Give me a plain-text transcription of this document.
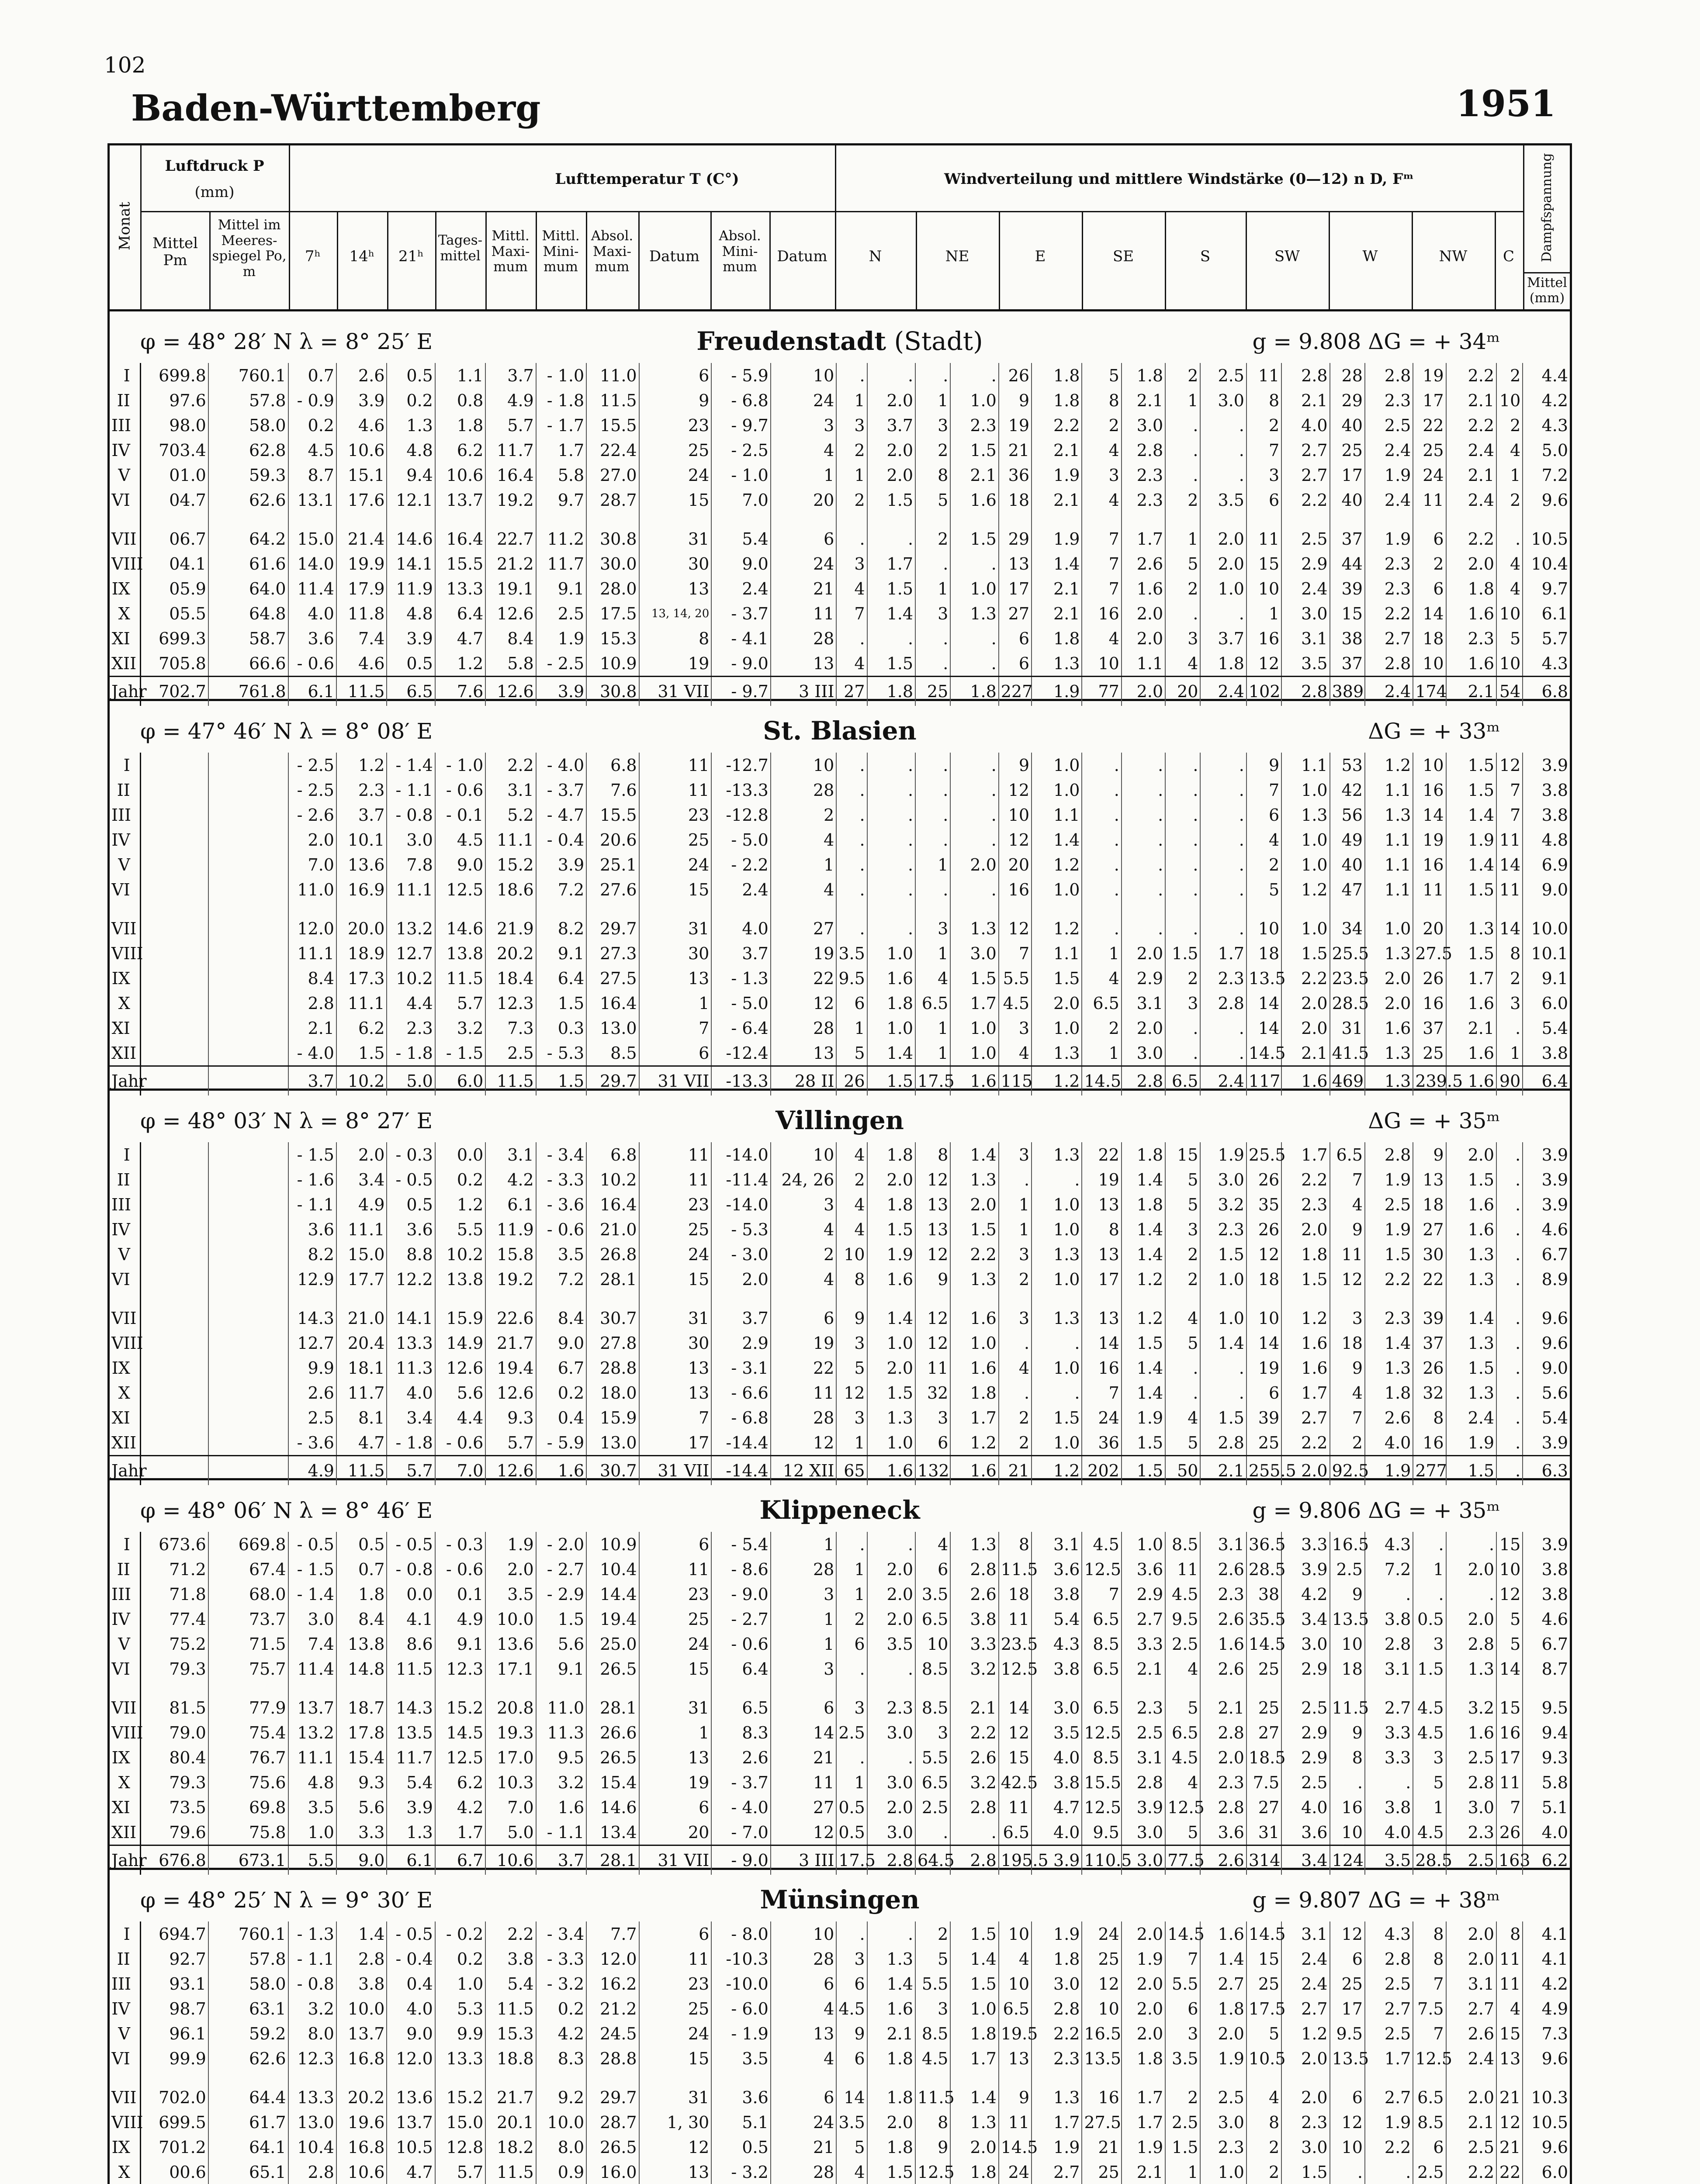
102
Baden-Württemberg	1951
Monat
Luftdruck P
(mm)
Mittel Pm
Mittel im Meeres-spiegel Po, m
Lufttemperatur T (C°)
7ʰ	14ʰ	21ʰ
Tages-mittel
Mittl. Maxi-mum
Mittl. Mini-mum
Absol. Maxi-mum
Datum
Absol. Mini-mum
Datum
Windverteilung und mittlere Windstärke (0—12) n D, Fᵐ
N	NE	E	SE	S	SW	W	NW	C	Dampfspannung
Mittel (mm)
φ = 48° 28′ N λ = 8° 25′ E	Freudenstadt (Stadt)	g = 9.808 ΔG = + 34ᵐ
I	699.8	760.1	0.7	2.6	0.5	1.1	3.7	- 1.0	11.0	6	- 5.9	10	.	.	.	.	26	1.8	5	1.8	2	2.5	11	2.8	28	2.8	19	2.2	2	4.4
II	97.6	57.8	- 0.9	3.9	0.2	0.8	4.9	- 1.8	11.5	9	- 6.8	24	1	2.0	1	1.0	9	1.8	8	2.1	1	3.0	8	2.1	29	2.3	17	2.1	10	4.2
III	98.0	58.0	0.2	4.6	1.3	1.8	5.7	- 1.7	15.5	23	- 9.7	3	3	3.7	3	2.3	19	2.2	2	3.0	.	.	2	4.0	40	2.5	22	2.2	2	4.3
IV	703.4	62.8	4.5	10.6	4.8	6.2	11.7	1.7	22.4	25	- 2.5	4	2	2.0	2	1.5	21	2.1	4	2.8	.	.	7	2.7	25	2.4	25	2.4	4	5.0
V	01.0	59.3	8.7	15.1	9.4	10.6	16.4	5.8	27.0	24	- 1.0	1	1	2.0	8	2.1	36	1.9	3	2.3	.	.	3	2.7	17	1.9	24	2.1	1	7.2
VI	04.7	62.6	13.1	17.6	12.1	13.7	19.2	9.7	28.7	15	7.0	20	2	1.5	5	1.6	18	2.1	4	2.3	2	3.5	6	2.2	40	2.4	11	2.4	2	9.6
VII	06.7	64.2	15.0	21.4	14.6	16.4	22.7	11.2	30.8	31	5.4	6	.	.	2	1.5	29	1.9	7	1.7	1	2.0	11	2.5	37	1.9	6	2.2	.	10.5
VIII	04.1	61.6	14.0	19.9	14.1	15.5	21.2	11.7	30.0	30	9.0	24	3	1.7	.	.	13	1.4	7	2.6	5	2.0	15	2.9	44	2.3	2	2.0	4	10.4
IX	05.9	64.0	11.4	17.9	11.9	13.3	19.1	9.1	28.0	13	2.4	21	4	1.5	1	1.0	17	2.1	7	1.6	2	1.0	10	2.4	39	2.3	6	1.8	4	9.7
X	05.5	64.8	4.0	11.8	4.8	6.4	12.6	2.5	17.5	13, 14, 20	- 3.7	11	7	1.4	3	1.3	27	2.1	16	2.0	.	.	1	3.0	15	2.2	14	1.6	10	6.1
XI	699.3	58.7	3.6	7.4	3.9	4.7	8.4	1.9	15.3	8	- 4.1	28	.	.	.	.	6	1.8	4	2.0	3	3.7	16	3.1	38	2.7	18	2.3	5	5.7
XII	705.8	66.6	- 0.6	4.6	0.5	1.2	5.8	- 2.5	10.9	19	- 9.0	13	4	1.5	.	.	6	1.3	10	1.1	4	1.8	12	3.5	37	2.8	10	1.6	10	4.3
Jahr	702.7	761.8	6.1	11.5	6.5	7.6	12.6	3.9	30.8	31 VII	- 9.7	3 III	27	1.8	25	1.8	227	1.9	77	2.0	20	2.4	102	2.8	389	2.4	174	2.1	54	6.8
φ = 47° 46′ N λ = 8° 08′ E	St. Blasien	ΔG = + 33ᵐ
I			- 2.5	1.2	- 1.4	- 1.0	2.2	- 4.0	6.8	11	-12.7	10	.	.	.	.	9	1.0	.	.	.	.	9	1.1	53	1.2	10	1.5	12	3.9
II			- 2.5	2.3	- 1.1	- 0.6	3.1	- 3.7	7.6	11	-13.3	28	.	.	.	.	12	1.0	.	.	.	.	7	1.0	42	1.1	16	1.5	7	3.8
III			- 2.6	3.7	- 0.8	- 0.1	5.2	- 4.7	15.5	23	-12.8	2	.	.	.	.	10	1.1	.	.	.	.	6	1.3	56	1.3	14	1.4	7	3.8
IV			2.0	10.1	3.0	4.5	11.1	- 0.4	20.6	25	- 5.0	4	.	.	.	.	12	1.4	.	.	.	.	4	1.0	49	1.1	19	1.9	11	4.8
V			7.0	13.6	7.8	9.0	15.2	3.9	25.1	24	- 2.2	1	.	.	1	2.0	20	1.2	.	.	.	.	2	1.0	40	1.1	16	1.4	14	6.9
VI			11.0	16.9	11.1	12.5	18.6	7.2	27.6	15	2.4	4	.	.	.	.	16	1.0	.	.	.	.	5	1.2	47	1.1	11	1.5	11	9.0
VII			12.0	20.0	13.2	14.6	21.9	8.2	29.7	31	4.0	27	.	.	3	1.3	12	1.2	.	.	.	.	10	1.0	34	1.0	20	1.3	14	10.0
VIII			11.1	18.9	12.7	13.8	20.2	9.1	27.3	30	3.7	19	3.5	1.0	1	3.0	7	1.1	1	2.0	1.5	1.7	18	1.5	25.5	1.3	27.5	1.5	8	10.1
IX			8.4	17.3	10.2	11.5	18.4	6.4	27.5	13	- 1.3	22	9.5	1.6	4	1.5	5.5	1.5	4	2.9	2	2.3	13.5	2.2	23.5	2.0	26	1.7	2	9.1
X			2.8	11.1	4.4	5.7	12.3	1.5	16.4	1	- 5.0	12	6	1.8	6.5	1.7	4.5	2.0	6.5	3.1	3	2.8	14	2.0	28.5	2.0	16	1.6	3	6.0
XI			2.1	6.2	2.3	3.2	7.3	0.3	13.0	7	- 6.4	28	1	1.0	1	1.0	3	1.0	2	2.0	.	.	14	2.0	31	1.6	37	2.1	.	5.4
XII			- 4.0	1.5	- 1.8	- 1.5	2.5	- 5.3	8.5	6	-12.4	13	5	1.4	1	1.0	4	1.3	1	3.0	.	.	14.5	2.1	41.5	1.3	25	1.6	1	3.8
Jahr			3.7	10.2	5.0	6.0	11.5	1.5	29.7	31 VII	-13.3	28 II	26	1.5	17.5	1.6	115	1.2	14.5	2.8	6.5	2.4	117	1.6	469	1.3	239.5	1.6	90	6.4
φ = 48° 03′ N λ = 8° 27′ E	Villingen	ΔG = + 35ᵐ
I			- 1.5	2.0	- 0.3	0.0	3.1	- 3.4	6.8	11	-14.0	10	4	1.8	8	1.4	3	1.3	22	1.8	15	1.9	25.5	1.7	6.5	2.8	9	2.0	.	3.9
II			- 1.6	3.4	- 0.5	0.2	4.2	- 3.3	10.2	11	-11.4	24, 26	2	2.0	12	1.3	.	.	19	1.4	5	3.0	26	2.2	7	1.9	13	1.5	.	3.9
III			- 1.1	4.9	0.5	1.2	6.1	- 3.6	16.4	23	-14.0	3	4	1.8	13	2.0	1	1.0	13	1.8	5	3.2	35	2.3	4	2.5	18	1.6	.	3.9
IV			3.6	11.1	3.6	5.5	11.9	- 0.6	21.0	25	- 5.3	4	4	1.5	13	1.5	1	1.0	8	1.4	3	2.3	26	2.0	9	1.9	27	1.6	.	4.6
V			8.2	15.0	8.8	10.2	15.8	3.5	26.8	24	- 3.0	2	10	1.9	12	2.2	3	1.3	13	1.4	2	1.5	12	1.8	11	1.5	30	1.3	.	6.7
VI			12.9	17.7	12.2	13.8	19.2	7.2	28.1	15	2.0	4	8	1.6	9	1.3	2	1.0	17	1.2	2	1.0	18	1.5	12	2.2	22	1.3	.	8.9
VII			14.3	21.0	14.1	15.9	22.6	8.4	30.7	31	3.7	6	9	1.4	12	1.6	3	1.3	13	1.2	4	1.0	10	1.2	3	2.3	39	1.4	.	9.6
VIII			12.7	20.4	13.3	14.9	21.7	9.0	27.8	30	2.9	19	3	1.0	12	1.0	.	.	14	1.5	5	1.4	14	1.6	18	1.4	37	1.3	.	9.6
IX			9.9	18.1	11.3	12.6	19.4	6.7	28.8	13	- 3.1	22	5	2.0	11	1.6	4	1.0	16	1.4	.	.	19	1.6	9	1.3	26	1.5	.	9.0
X			2.6	11.7	4.0	5.6	12.6	0.2	18.0	13	- 6.6	11	12	1.5	32	1.8	.	.	7	1.4	.	.	6	1.7	4	1.8	32	1.3	.	5.6
XI			2.5	8.1	3.4	4.4	9.3	0.4	15.9	7	- 6.8	28	3	1.3	3	1.7	2	1.5	24	1.9	4	1.5	39	2.7	7	2.6	8	2.4	.	5.4
XII			- 3.6	4.7	- 1.8	- 0.6	5.7	- 5.9	13.0	17	-14.4	12	1	1.0	6	1.2	2	1.0	36	1.5	5	2.8	25	2.2	2	4.0	16	1.9	.	3.9
Jahr			4.9	11.5	5.7	7.0	12.6	1.6	30.7	31 VII	-14.4	12 XII	65	1.6	132	1.6	21	1.2	202	1.5	50	2.1	255.5	2.0	92.5	1.9	277	1.5	.	6.3
φ = 48° 06′ N λ = 8° 46′ E	Klippeneck	g = 9.806 ΔG = + 35ᵐ
I	673.6	669.8	- 0.5	0.5	- 0.5	- 0.3	1.9	- 2.0	10.9	6	- 5.4	1	.	.	4	1.3	8	3.1	4.5	1.0	8.5	3.1	36.5	3.3	16.5	4.3	.	.	15	3.9
II	71.2	67.4	- 1.5	0.7	- 0.8	- 0.6	2.0	- 2.7	10.4	11	- 8.6	28	1	2.0	6	2.8	11.5	3.6	12.5	3.6	11	2.6	28.5	3.9	2.5	7.2	1	2.0	10	3.8
III	71.8	68.0	- 1.4	1.8	0.0	0.1	3.5	- 2.9	14.4	23	- 9.0	3	1	2.0	3.5	2.6	18	3.8	7	2.9	4.5	2.3	38	4.2	9	.	.	.	12	3.8
IV	77.4	73.7	3.0	8.4	4.1	4.9	10.0	1.5	19.4	25	- 2.7	1	2	2.0	6.5	3.8	11	5.4	6.5	2.7	9.5	2.6	35.5	3.4	13.5	3.8	0.5	2.0	5	4.6
V	75.2	71.5	7.4	13.8	8.6	9.1	13.6	5.6	25.0	24	- 0.6	1	6	3.5	10	3.3	23.5	4.3	8.5	3.3	2.5	1.6	14.5	3.0	10	2.8	3	2.8	5	6.7
VI	79.3	75.7	11.4	14.8	11.5	12.3	17.1	9.1	26.5	15	6.4	3	.	.	8.5	3.2	12.5	3.8	6.5	2.1	4	2.6	25	2.9	18	3.1	1.5	1.3	14	8.7
VII	81.5	77.9	13.7	18.7	14.3	15.2	20.8	11.0	28.1	31	6.5	6	3	2.3	8.5	2.1	14	3.0	6.5	2.3	5	2.1	25	2.5	11.5	2.7	4.5	3.2	15	9.5
VIII	79.0	75.4	13.2	17.8	13.5	14.5	19.3	11.3	26.6	1	8.3	14	2.5	3.0	3	2.2	12	3.5	12.5	2.5	6.5	2.8	27	2.9	9	3.3	4.5	1.6	16	9.4
IX	80.4	76.7	11.1	15.4	11.7	12.5	17.0	9.5	26.5	13	2.6	21	.	.	5.5	2.6	15	4.0	8.5	3.1	4.5	2.0	18.5	2.9	8	3.3	3	2.5	17	9.3
X	79.3	75.6	4.8	9.3	5.4	6.2	10.3	3.2	15.4	19	- 3.7	11	1	3.0	6.5	3.2	42.5	3.8	15.5	2.8	4	2.3	7.5	2.5	.	.	5	2.8	11	5.8
XI	73.5	69.8	3.5	5.6	3.9	4.2	7.0	1.6	14.6	6	- 4.0	27	0.5	2.0	2.5	2.8	11	4.7	12.5	3.9	12.5	2.8	27	4.0	16	3.8	1	3.0	7	5.1
XII	79.6	75.8	1.0	3.3	1.3	1.7	5.0	- 1.1	13.4	20	- 7.0	12	0.5	3.0	.	.	6.5	4.0	9.5	3.0	5	3.6	31	3.6	10	4.0	4.5	2.3	26	4.0
Jahr	676.8	673.1	5.5	9.0	6.1	6.7	10.6	3.7	28.1	31 VII	- 9.0	3 III	17.5	2.8	64.5	2.8	195.5	3.9	110.5	3.0	77.5	2.6	314	3.4	124	3.5	28.5	2.5	163	6.2
φ = 48° 25′ N λ = 9° 30′ E	Münsingen	g = 9.807 ΔG = + 38ᵐ
I	694.7	760.1	- 1.3	1.4	- 0.5	- 0.2	2.2	- 3.4	7.7	6	- 8.0	10	.	.	2	1.5	10	1.9	24	2.0	14.5	1.6	14.5	3.1	12	4.3	8	2.0	8	4.1
II	92.7	57.8	- 1.1	2.8	- 0.4	0.2	3.8	- 3.3	12.0	11	-10.3	28	3	1.3	5	1.4	4	1.8	25	1.9	7	1.4	15	2.4	6	2.8	8	2.0	11	4.1
III	93.1	58.0	- 0.8	3.8	0.4	1.0	5.4	- 3.2	16.2	23	-10.0	6	6	1.4	5.5	1.5	10	3.0	12	2.0	5.5	2.7	25	2.4	25	2.5	7	3.1	11	4.2
IV	98.7	63.1	3.2	10.0	4.0	5.3	11.5	0.2	21.2	25	- 6.0	4	4.5	1.6	3	1.0	6.5	2.8	10	2.0	6	1.8	17.5	2.7	17	2.7	7.5	2.7	4	4.9
V	96.1	59.2	8.0	13.7	9.0	9.9	15.3	4.2	24.5	24	- 1.9	13	9	2.1	8.5	1.8	19.5	2.2	16.5	2.0	3	2.0	5	1.2	9.5	2.5	7	2.6	15	7.3
VI	99.9	62.6	12.3	16.8	12.0	13.3	18.8	8.3	28.8	15	3.5	4	6	1.8	4.5	1.7	13	2.3	13.5	1.8	3.5	1.9	10.5	2.0	13.5	1.7	12.5	2.4	13	9.6
VII	702.0	64.4	13.3	20.2	13.6	15.2	21.7	9.2	29.7	31	3.6	6	14	1.8	11.5	1.4	9	1.3	16	1.7	2	2.5	4	2.0	6	2.7	6.5	2.0	21	10.3
VIII	699.5	61.7	13.0	19.6	13.7	15.0	20.1	10.0	28.7	1, 30	5.1	24	3.5	2.0	8	1.3	11	1.7	27.5	1.7	2.5	3.0	8	2.3	12	1.9	8.5	2.1	12	10.5
IX	701.2	64.1	10.4	16.8	10.5	12.8	18.2	8.0	26.5	12	0.5	21	5	1.8	9	2.0	14.5	1.9	21	1.9	1.5	2.3	2	3.0	10	2.2	6	2.5	21	9.6
X	00.6	65.1	2.8	10.6	4.7	5.7	11.5	0.9	16.0	13	- 3.2	28	4	1.5	12.5	1.8	24	2.7	25	2.1	1	1.0	2	1.5	.	.	2.5	2.2	22	6.0
